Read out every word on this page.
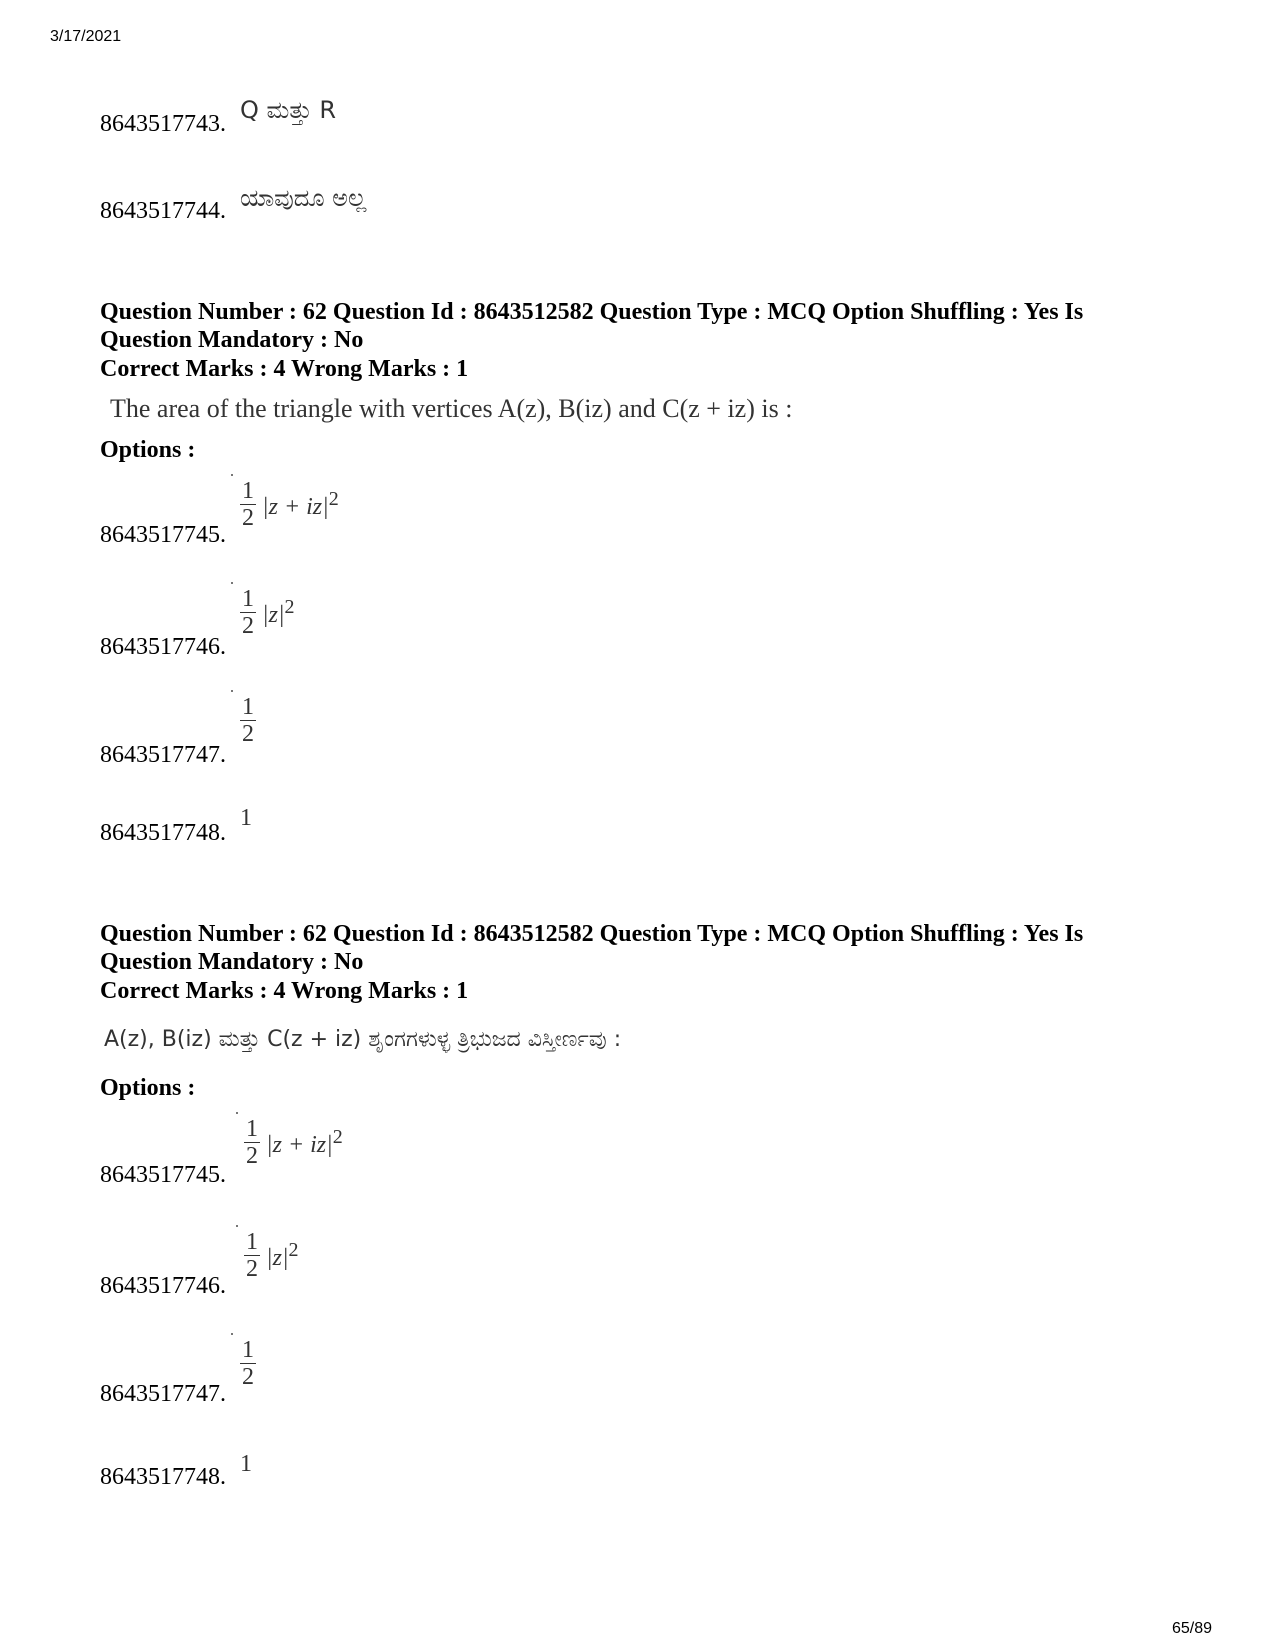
3/17/2021
8643517743. Q ಮತ್ತು R
8643517744. ಯಾವುದೂ ಅಲ್ಲ
Question Number : 62 Question Id : 8643512582 Question Type : MCQ Option Shuffling : Yes Is Question Mandatory : No
Correct Marks : 4 Wrong Marks : 1
The area of the triangle with vertices A(z), B(iz) and C(z + iz) is :
Options :
8643517745.
$\frac{1}{2} |z + iz|^2$
8643517746.
$\frac{1}{2} |z|^2$
8643517747.
$\frac{1}{2}$
8643517748.
1
Question Number : 62 Question Id : 8643512582 Question Type : MCQ Option Shuffling : Yes Is Question Mandatory : No
Correct Marks : 4 Wrong Marks : 1
A(z), B(iz) ಮತ್ತು C(z + iz) ಶೃಂಗಗಳುಳ್ಳ ತ್ರಿಭುಜದ ವಿಸ್ತೀರ್ಣವು :
Options :
8643517745.
$\frac{1}{2} |z + iz|^2$
8643517746.
$\frac{1}{2} |z|^2$
8643517747.
$\frac{1}{2}$
8643517748. 1
65/89
